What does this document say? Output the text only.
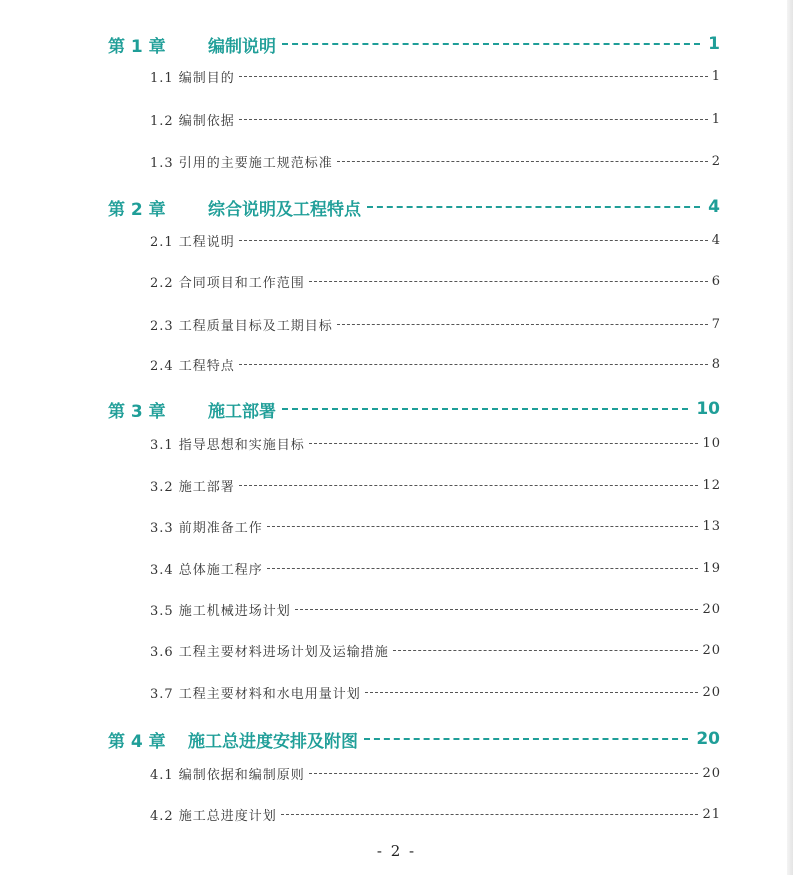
第 1 章 编制说明	1
1.1 编制目的	1
1.2 编制依据	1
1.3 引用的主要施工规范标准	2
第 2 章 综合说明及工程特点	4
2.1 工程说明	4
2.2 合同项目和工作范围	6
2.3 工程质量目标及工期目标	7
2.4 工程特点	8
第 3 章 施工部署	10
3.1 指导思想和实施目标	10
3.2 施工部署	12
3.3 前期准备工作	13
3.4 总体施工程序	19
3.5 施工机械进场计划	20
3.6 工程主要材料进场计划及运输措施	20
3.7 工程主要材料和水电用量计划	20
第 4 章 施工总进度安排及附图	20
4.1 编制依据和编制原则	20
4.2 施工总进度计划	21
- 2 -
